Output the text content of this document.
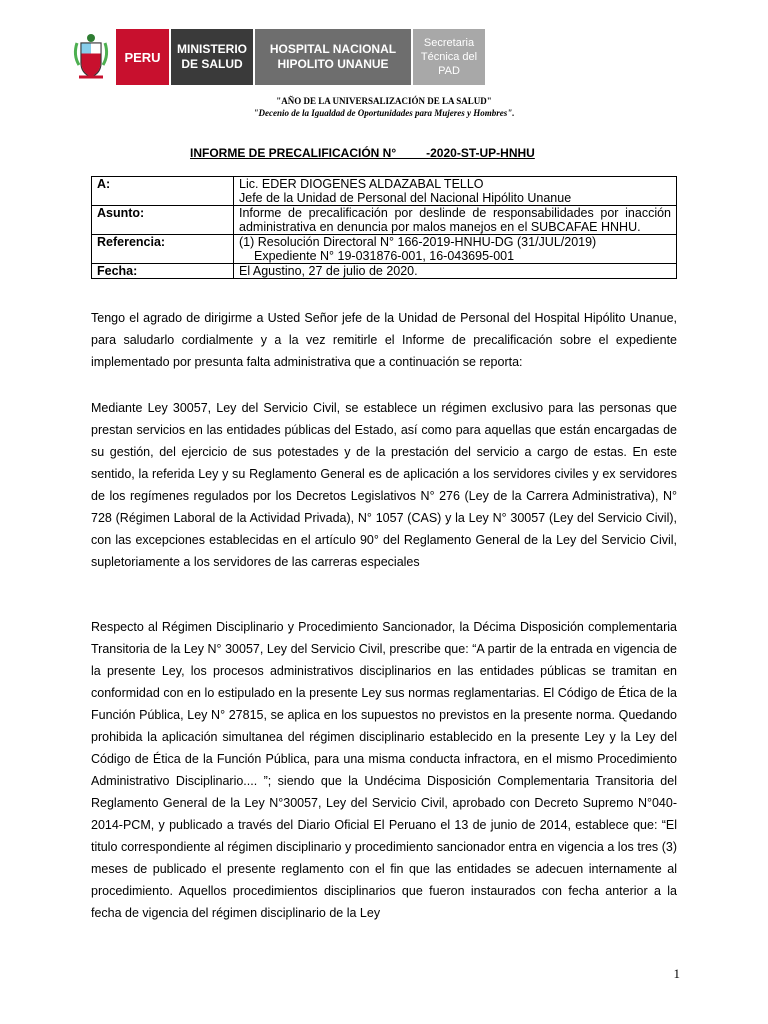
PERU
MINISTERIO DE SALUD
HOSPITAL NACIONAL HIPOLITO UNANUE
Secretaria Técnica del PAD
"AÑO DE LA UNIVERSALIZACIÓN DE LA SALUD"
"Decenio de la Igualdad de Oportunidades para Mujeres y Hombres".
INFORME DE PRECALIFICACIÓN N°         -2020-ST-UP-HNHU
A:	Lic. EDER DIOGENES ALDAZABAL TELLO
Jefe de la Unidad de Personal del Nacional Hipólito Unanue

Asunto:	Informe de precalificación por deslinde de responsabilidades por inacción administrativa en denuncia por malos manejos en el SUBCAFAE HNHU.
Referencia:	(1) Resolución Directoral N° 166-2019-HNHU-DG (31/JUL/2019)
Expediente N° 19-031876-001, 16-043695-001

Fecha:	El Agustino, 27 de julio de 2020.
Tengo el agrado de dirigirme a Usted Señor jefe de la Unidad de Personal del Hospital Hipólito Unanue, para saludarlo cordialmente y a la vez remitirle el Informe de precalificación sobre el expediente implementado por presunta falta administrativa que a continuación se reporta:
Mediante Ley 30057, Ley del Servicio Civil, se establece un régimen exclusivo para las personas que prestan servicios en las entidades públicas del Estado, así como para aquellas que están encargadas de su gestión, del ejercicio de sus potestades y de la prestación del servicio a cargo de estas. En este sentido, la referida Ley y su Reglamento General es de aplicación a los servidores civiles y ex servidores de los regímenes regulados por los Decretos Legislativos N° 276 (Ley de la Carrera Administrativa), N° 728 (Régimen Laboral de la Actividad Privada), N° 1057 (CAS) y la Ley N° 30057 (Ley del Servicio Civil), con las excepciones establecidas en el artículo 90° del Reglamento General de la Ley del Servicio Civil, supletoriamente a los servidores de las carreras especiales
Respecto al Régimen Disciplinario y Procedimiento Sancionador, la Décima Disposición complementaria Transitoria de la Ley N° 30057, Ley del Servicio Civil, prescribe que: “A partir de la entrada en vigencia de la presente Ley, los procesos administrativos disciplinarios en las entidades públicas se tramitan en conformidad con en lo estipulado en la presente Ley sus normas reglamentarias. El Código de Ética de la Función Pública, Ley N° 27815, se aplica en los supuestos no previstos en la presente norma. Quedando prohibida la aplicación simultanea del régimen disciplinario establecido en la presente Ley y la Ley del Código de Ética de la Función Pública, para una misma conducta infractora, en el mismo Procedimiento Administrativo Disciplinario.... ”; siendo que la Undécima Disposición Complementaria Transitoria del Reglamento General de la Ley N°30057, Ley del Servicio Civil, aprobado con Decreto Supremo N°040-2014-PCM, y publicado a través del Diario Oficial El Peruano el 13 de junio de 2014, establece que: “El titulo correspondiente al régimen disciplinario y procedimiento sancionador entra en vigencia a los tres (3) meses de publicado el presente reglamento con el fin que las entidades se adecuen internamente al procedimiento. Aquellos procedimientos disciplinarios que fueron instaurados con fecha anterior a la fecha de vigencia del régimen disciplinario de la Ley
1
